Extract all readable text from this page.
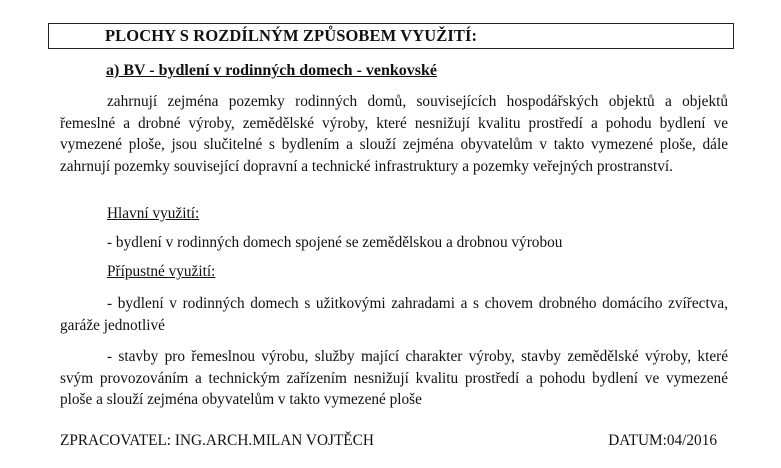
PLOCHY S ROZDÍLNÝM ZPŮSOBEM VYUŽITÍ:
a) BV - bydlení v rodinných domech - venkovské

zahrnují zejména pozemky rodinných domů, souvisejících hospodářských objektů a objektů řemeslné a drobné výroby, zemědělské výroby, které nesnižují kvalitu prostředí a pohodu bydlení ve vymezené ploše, jsou slučitelné s bydlením a slouží zejména obyvatelům v takto vymezené ploše, dále zahrnují pozemky související dopravní a technické infrastruktury a pozemky veřejných prostranství.

Hlavní využití:
- bydlení v rodinných domech spojené se zemědělskou a drobnou výrobou
Přípustné využití:

- bydlení v rodinných domech s užitkovými zahradami a s chovem drobného domácího zvířectva, garáže jednotlivé

- stavby pro řemeslnou výrobu, služby mající charakter výroby, stavby zemědělské výroby, které svým provozováním a technickým zařízením nesnižují kvalitu prostředí a pohodu bydlení ve vymezené ploše a slouží zejména obyvatelům v takto vymezené ploše

ZPRACOVATEL: ING.ARCH.MILAN VOJTĚCH	DATUM:04/2016
